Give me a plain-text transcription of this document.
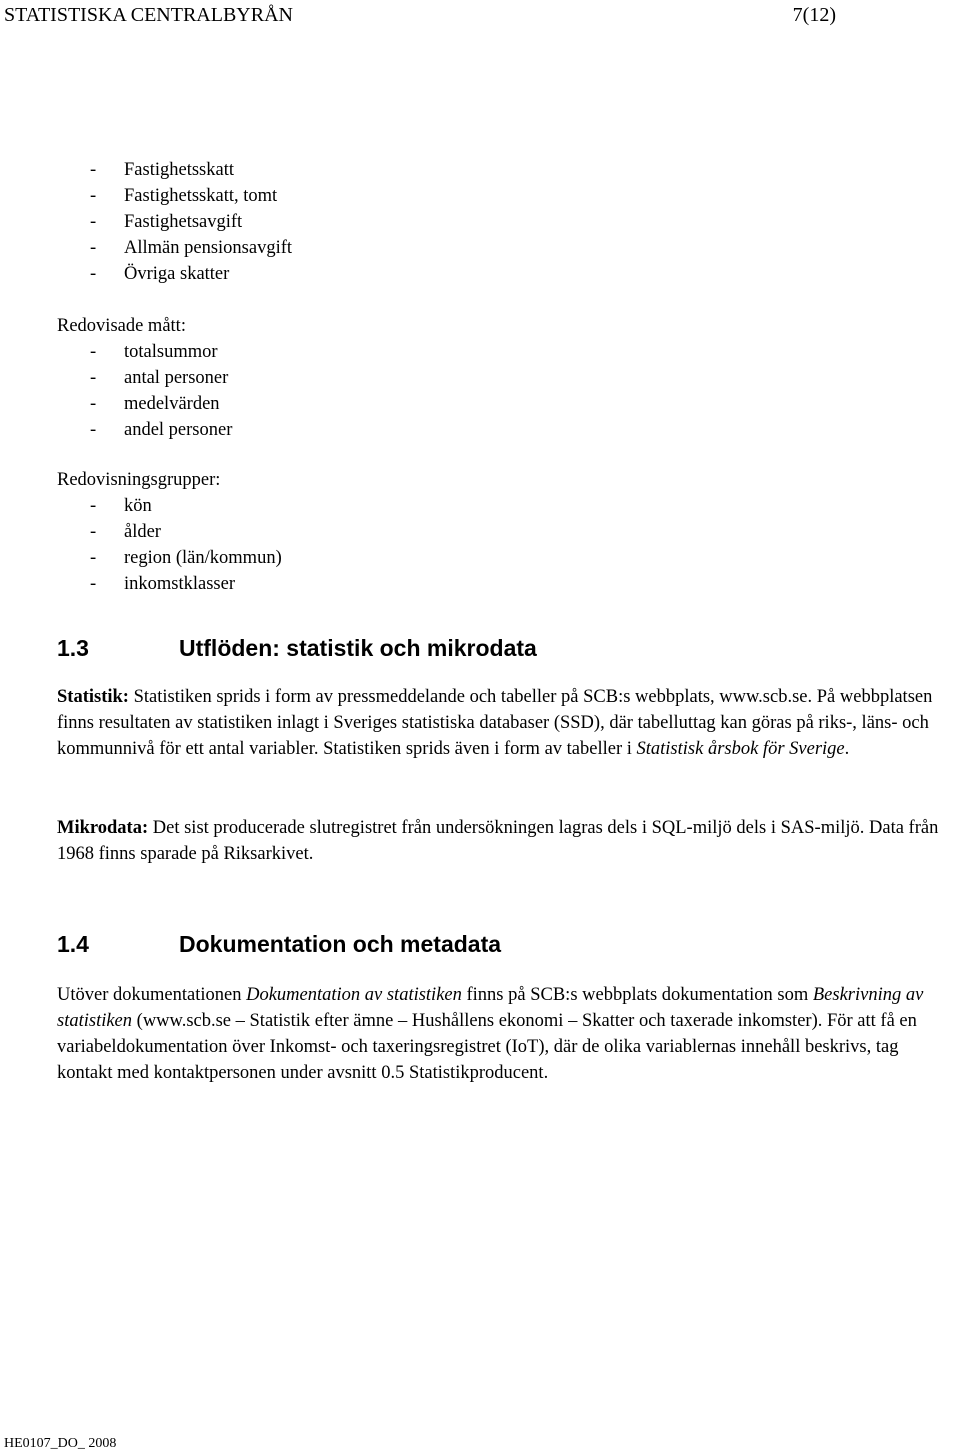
STATISTISKA CENTRALBYRÅN	7(12)
- Fastighetsskatt
- Fastighetsskatt, tomt
- Fastighetsavgift
- Allmän pensionsavgift
- Övriga skatter
Redovisade mått:
- totalsummor
- antal personer
- medelvärden
- andel personer
Redovisningsgrupper:
- kön
- ålder
- region (län/kommun)
- inkomstklasser
1.3	Utflöden: statistik och mikrodata

Statistik: Statistiken sprids i form av pressmeddelande och tabeller på SCB:s webbplats, www.scb.se. På webbplatsen finns resultaten av statistiken inlagt i Sveriges statistiska databaser (SSD), där tabelluttag kan göras på riks-, läns- och kommunnivå för ett antal variabler. Statistiken sprids även i form av tabeller i Statistisk årsbok för Sverige.

Mikrodata: Det sist producerade slutregistret från undersökningen lagras dels i SQL-miljö dels i SAS-miljö. Data från 1968 finns sparade på Riksarkivet.

1.4	Dokumentation och metadata

Utöver dokumentationen Dokumentation av statistiken finns på SCB:s webbplats dokumentation som Beskrivning av statistiken (www.scb.se – Statistik efter ämne – Hushållens ekonomi – Skatter och taxerade inkomster). För att få en variabeldokumentation över Inkomst- och taxeringsregistret (IoT), där de olika variablernas innehåll beskrivs, tag kontakt med kontaktpersonen under avsnitt 0.5 Statistikproducent.

HE0107_DO_ 2008
